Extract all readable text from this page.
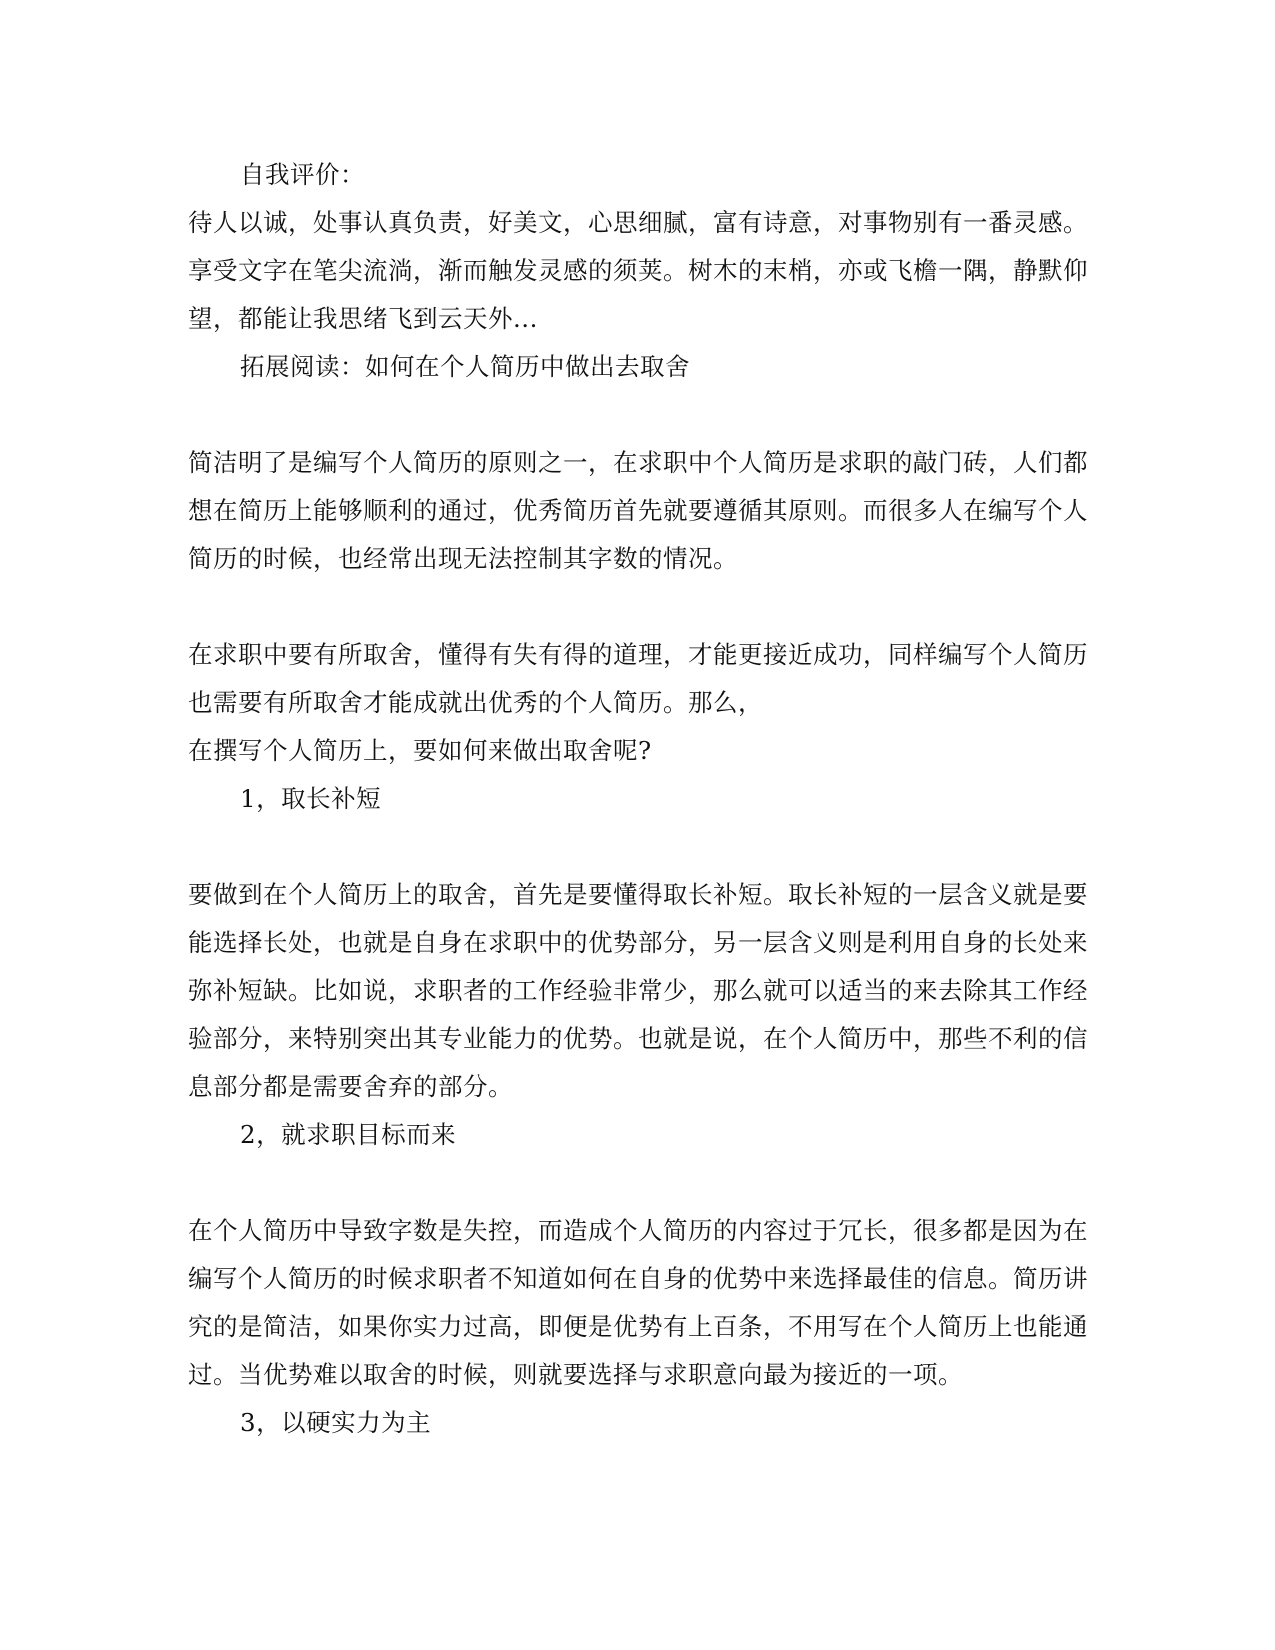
自我评价：
待人以诚，处事认真负责，好美文，心思细腻，富有诗意，对事物别有一番灵感。
享受文字在笔尖流淌，渐而触发灵感的须荚。树木的末梢，亦或飞檐一隅，静默仰
望，都能让我思绪飞到云天外...
拓展阅读：如何在个人简历中做出去取舍
简洁明了是编写个人简历的原则之一，在求职中个人简历是求职的敲门砖，人们都
想在简历上能够顺利的通过，优秀简历首先就要遵循其原则。而很多人在编写个人
简历的时候，也经常出现无法控制其字数的情况。
在求职中要有所取舍，懂得有失有得的道理，才能更接近成功，同样编写个人简历
也需要有所取舍才能成就出优秀的个人简历。那么，
在撰写个人简历上，要如何来做出取舍呢?
1，取长补短
要做到在个人简历上的取舍，首先是要懂得取长补短。取长补短的一层含义就是要
能选择长处，也就是自身在求职中的优势部分，另一层含义则是利用自身的长处来
弥补短缺。比如说，求职者的工作经验非常少，那么就可以适当的来去除其工作经
验部分，来特别突出其专业能力的优势。也就是说，在个人简历中，那些不利的信
息部分都是需要舍弃的部分。
2，就求职目标而来
在个人简历中导致字数是失控，而造成个人简历的内容过于冗长，很多都是因为在
编写个人简历的时候求职者不知道如何在自身的优势中来选择最佳的信息。简历讲
究的是简洁，如果你实力过高，即便是优势有上百条，不用写在个人简历上也能通
过。当优势难以取舍的时候，则就要选择与求职意向最为接近的一项。
3，以硬实力为主
